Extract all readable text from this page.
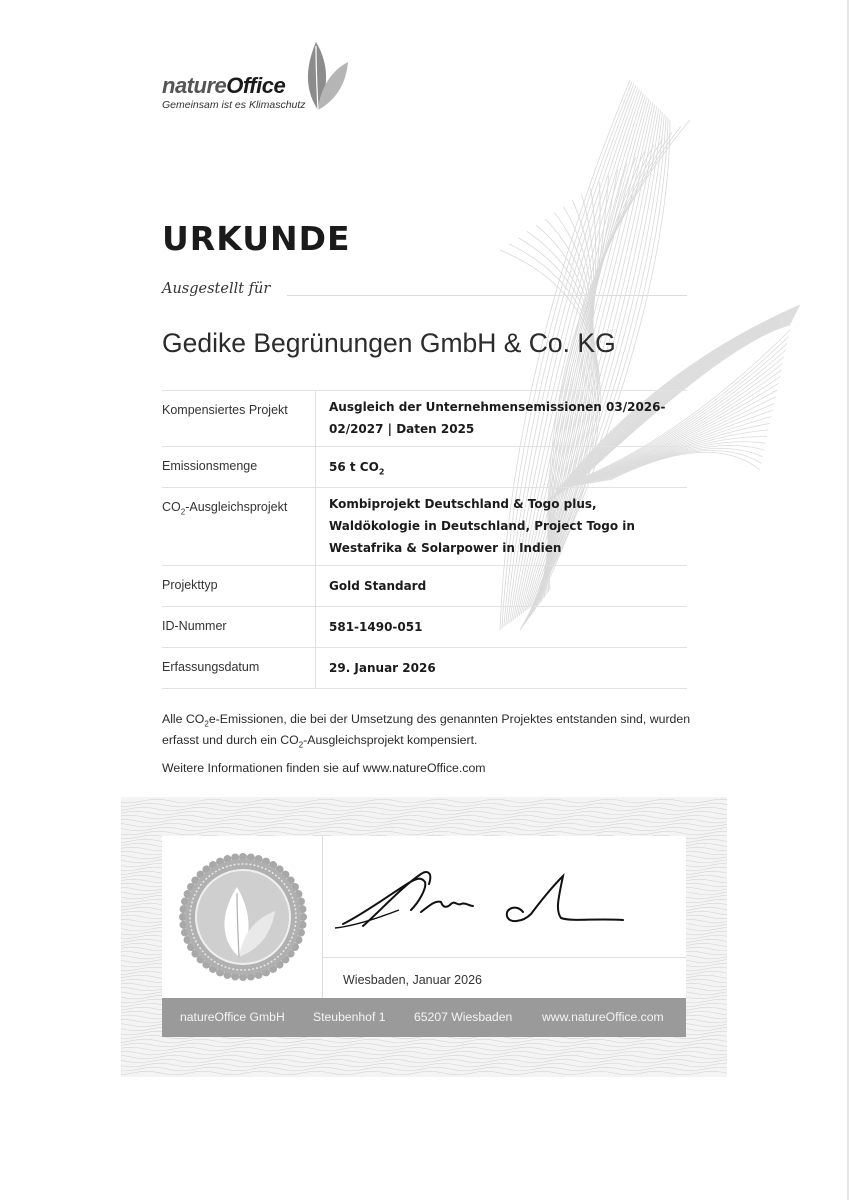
natureOffice
Gemeinsam ist es Klimaschutz
URKUNDE
Ausgestellt für
Gedike Begrünungen GmbH & Co. KG
Kompensiertes Projekt	Ausgleich der Unternehmensemissionen 03/2026-02/2027 | Daten 2025
Emissionsmenge	56 t $CO_2$
$CO_2$-Ausgleichsprojekt	Kombiprojekt Deutschland & Togo plus, Waldökologie in Deutschland, Project Togo in Westafrika & Solarpower in Indien
Projekttyp	Gold Standard
ID-Nummer	581-1490-051
Erfassungsdatum	29. Januar 2026
Alle $CO_2e$-Emissionen, die bei der Umsetzung des genannten Projektes entstanden sind, wurden erfasst und durch ein $CO_2$-Ausgleichsprojekt kompensiert.
Weitere Informationen finden sie auf www.natureOffice.com
Wiesbaden, Januar 2026
natureOffice GmbH Steubenhof 1 65207 Wiesbaden www.natureOffice.com
